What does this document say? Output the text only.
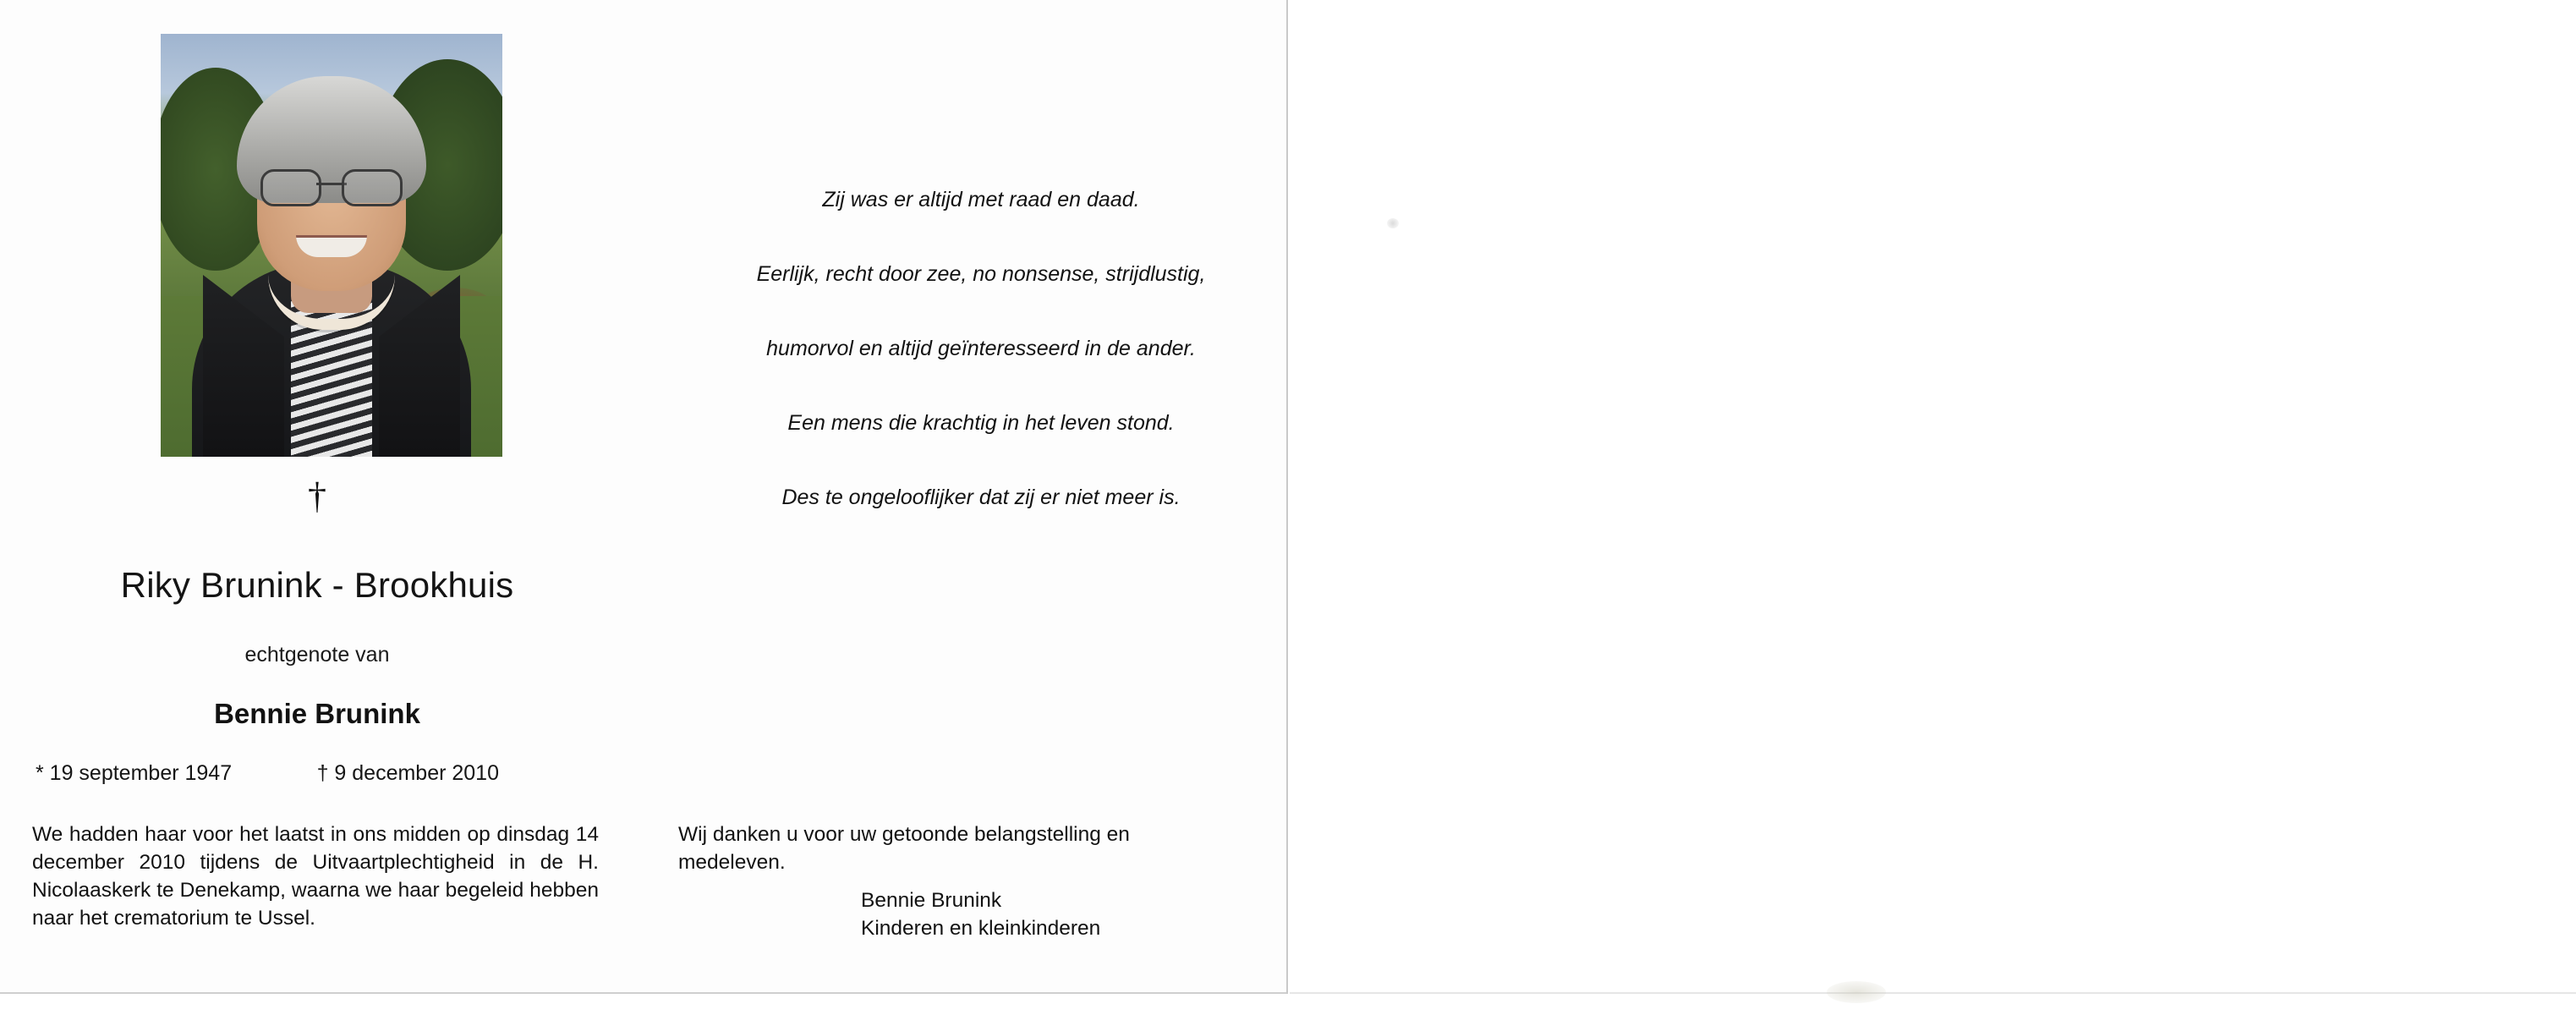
†
Riky Brunink - Brookhuis
echtgenote van
Bennie Brunink
* 19 september 1947	† 9 december 2010
We hadden haar voor het laatst in ons midden op dinsdag 14 december 2010 tijdens de Uitvaartplechtigheid in de H. Nicolaaskerk te Denekamp, waarna we haar begeleid hebben naar het crematorium te Ussel.

Zij was er altijd met raad en daad.

Eerlijk, recht door zee, no nonsense, strijdlustig,

humorvol en altijd geïnteresseerd in de ander.

Een mens die krachtig in het leven stond.

Des te ongelooflijker dat zij er niet meer is.

Wij danken u voor uw getoonde belangstelling en medeleven.
Bennie Brunink
Kinderen en kleinkinderen
